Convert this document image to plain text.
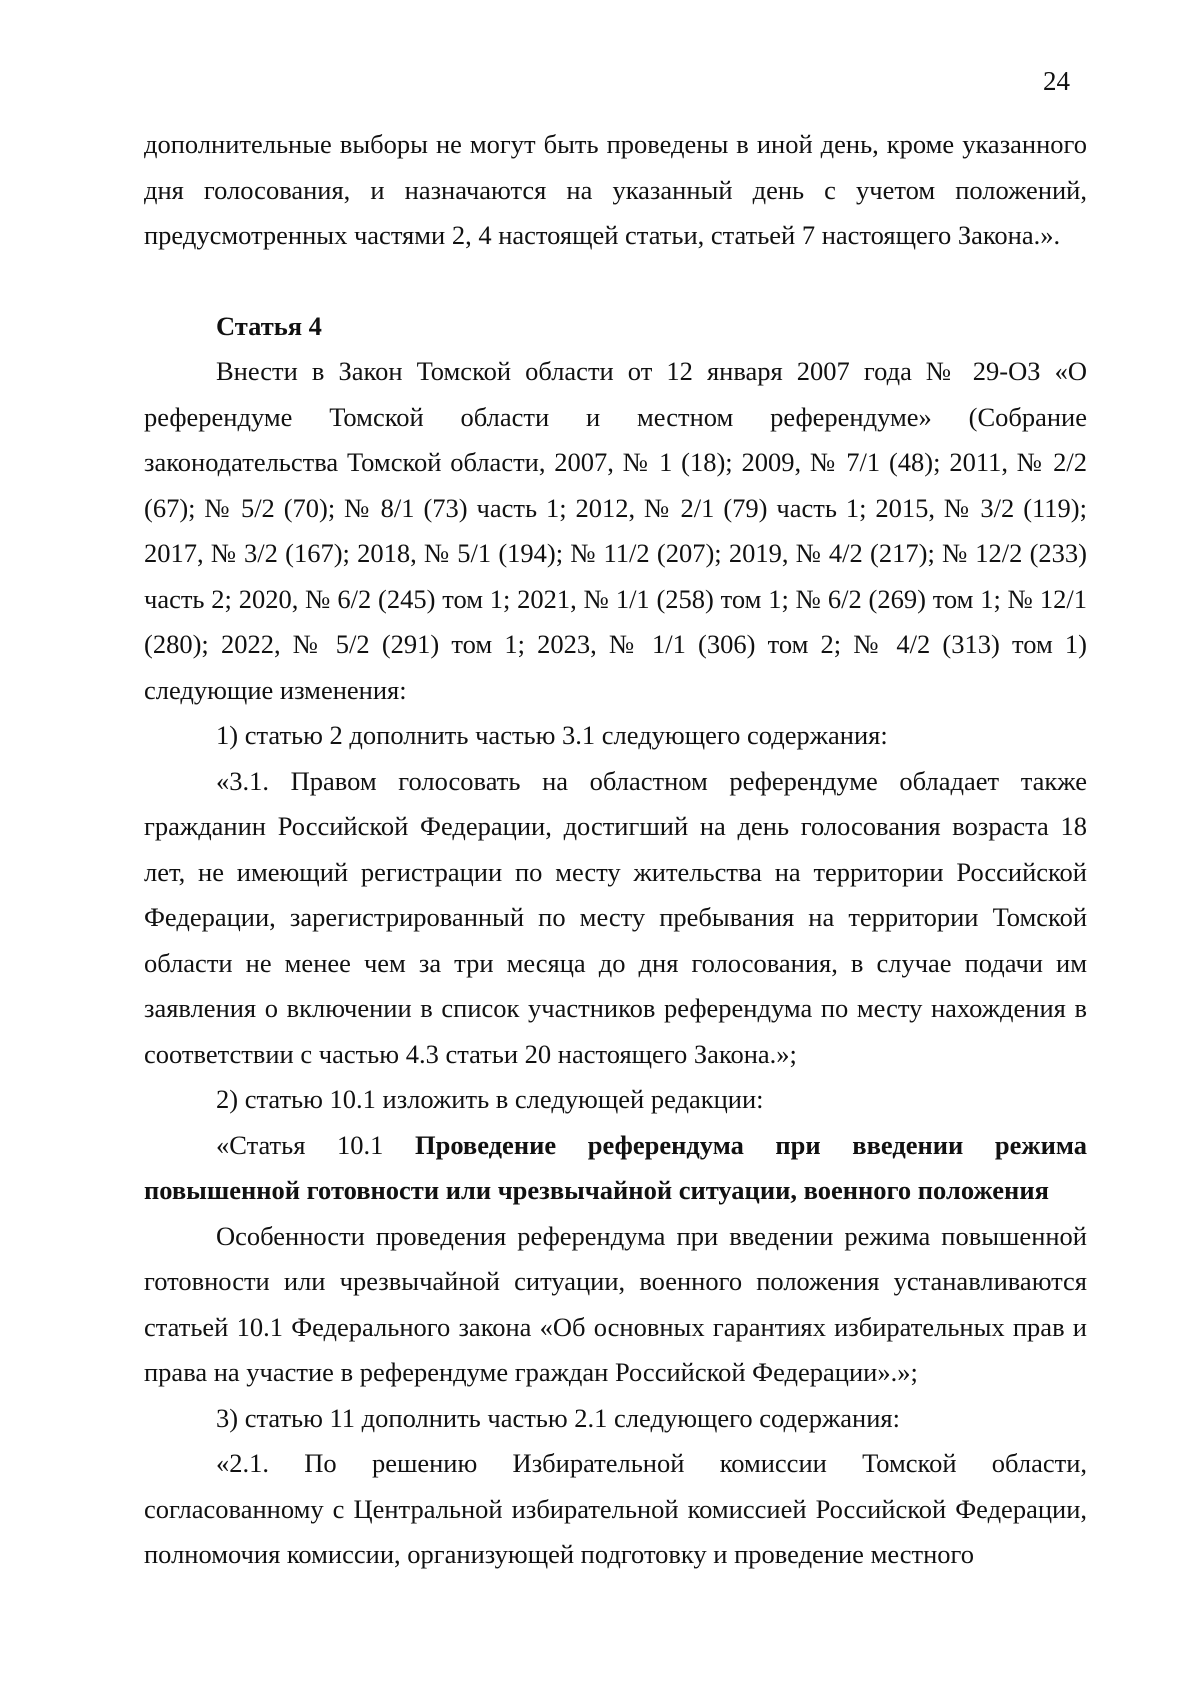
24

дополнительные выборы не могут быть проведены в иной день, кроме указанного дня голосования, и назначаются на указанный день с учетом положений, предусмотренных частями 2, 4 настоящей статьи, статьей 7 настоящего Закона.».

Статья 4

Внести в Закон Томской области от 12 января 2007 года № 29-ОЗ «О референдуме Томской области и местном референдуме» (Собрание законодательства Томской области, 2007, № 1 (18); 2009, № 7/1 (48); 2011, № 2/2 (67); № 5/2 (70); № 8/1 (73) часть 1; 2012, № 2/1 (79) часть 1; 2015, № 3/2 (119); 2017, № 3/2 (167); 2018, № 5/1 (194); № 11/2 (207); 2019, № 4/2 (217); № 12/2 (233) часть 2; 2020, № 6/2 (245) том 1; 2021, № 1/1 (258) том 1; № 6/2 (269) том 1; № 12/1 (280); 2022, № 5/2 (291) том 1; 2023, № 1/1 (306) том 2; № 4/2 (313) том 1) следующие изменения:

1) статью 2 дополнить частью 3.1 следующего содержания:

«3.1. Правом голосовать на областном референдуме обладает также гражданин Российской Федерации, достигший на день голосования возраста 18 лет, не имеющий регистрации по месту жительства на территории Российской Федерации, зарегистрированный по месту пребывания на территории Томской области не менее чем за три месяца до дня голосования, в случае подачи им заявления о включении в список участников референдума по месту нахождения в соответствии с частью 4.3 статьи 20 настоящего Закона.»;

2) статью 10.1 изложить в следующей редакции:

«Статья 10.1 Проведение референдума при введении режима повышенной готовности или чрезвычайной ситуации, военного положения

Особенности проведения референдума при введении режима повышенной готовности или чрезвычайной ситуации, военного положения устанавливаются статьей 10.1 Федерального закона «Об основных гарантиях избирательных прав и права на участие в референдуме граждан Российской Федерации».»;

3) статью 11 дополнить частью 2.1 следующего содержания:

«2.1. По решению Избирательной комиссии Томской области, согласованному с Центральной избирательной комиссией Российской Федерации, полномочия комиссии, организующей подготовку и проведение местного
